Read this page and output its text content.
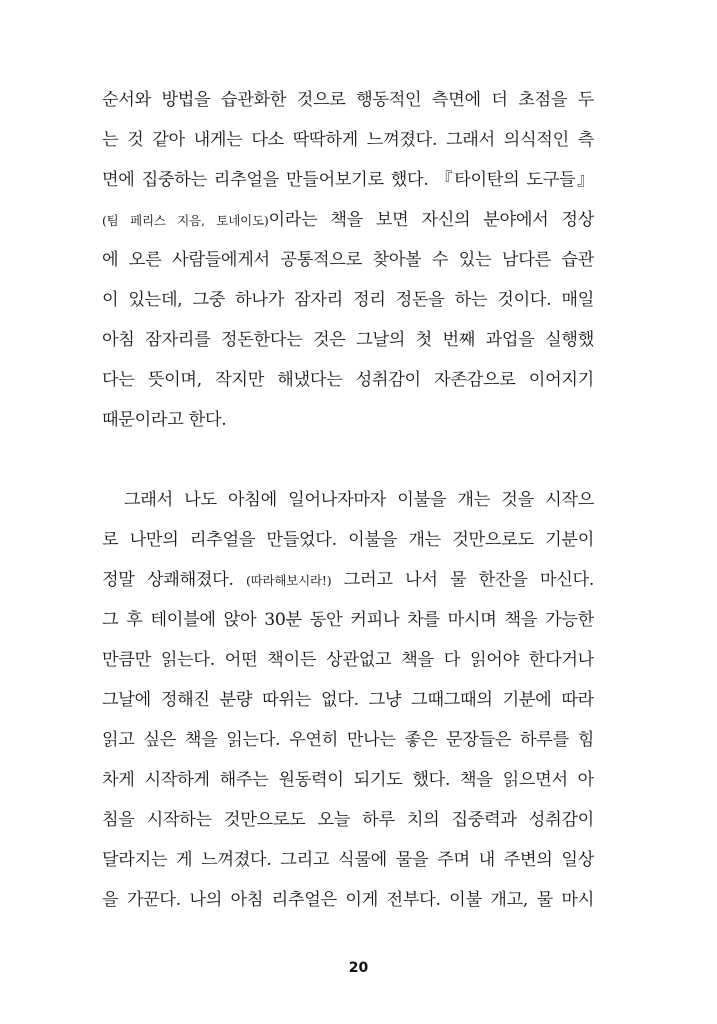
순서와 방법을 습관화한 것으로 행동적인 측면에 더 초점을 두
는 것 같아 내게는 다소 딱딱하게 느껴졌다. 그래서 의식적인 측
면에 집중하는 리추얼을 만들어보기로 했다. 『타이탄의 도구들』
(팀 페리스 지음, 토네이도)이라는 책을 보면 자신의 분야에서 정상
에 오른 사람들에게서 공통적으로 찾아볼 수 있는 남다른 습관
이 있는데, 그중 하나가 잠자리 정리 정돈을 하는 것이다. 매일
아침 잠자리를 정돈한다는 것은 그날의 첫 번째 과업을 실행했
다는 뜻이며, 작지만 해냈다는 성취감이 자존감으로 이어지기
때문이라고 한다.
그래서 나도 아침에 일어나자마자 이불을 개는 것을 시작으
로 나만의 리추얼을 만들었다. 이불을 개는 것만으로도 기분이
정말 상쾌해졌다. (따라해보시라!) 그러고 나서 물 한잔을 마신다.
그 후 테이블에 앉아 30분 동안 커피나 차를 마시며 책을 가능한
만큼만 읽는다. 어떤 책이든 상관없고 책을 다 읽어야 한다거나
그날에 정해진 분량 따위는 없다. 그냥 그때그때의 기분에 따라
읽고 싶은 책을 읽는다. 우연히 만나는 좋은 문장들은 하루를 힘
차게 시작하게 해주는 원동력이 되기도 했다. 책을 읽으면서 아
침을 시작하는 것만으로도 오늘 하루 치의 집중력과 성취감이
달라지는 게 느껴졌다. 그리고 식물에 물을 주며 내 주변의 일상
을 가꾼다. 나의 아침 리추얼은 이게 전부다. 이불 개고, 물 마시
20
